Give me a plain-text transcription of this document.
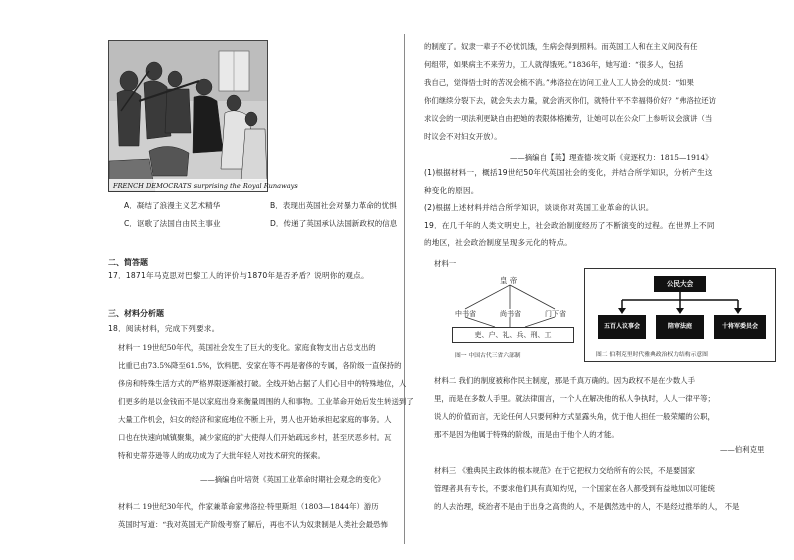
FRENCH DEMOCRATS surprising the Royal Runaways
A．凝结了浪漫主义艺术精华	B．表现出英国社会对暴力革命的忧惧
C．讴歌了法国自由民主事业	D．传递了英国承认法国新政权的信息
二、简答题
17．1871年马克思对巴黎工人的评价与1870年是否矛盾？说明你的观点。
三、材料分析题
18．阅读材料，完成下列要求。
材料一 19世纪50年代，英国社会发生了巨大的变化。家庭食物支出占总支出的
比重已由73.5%降至61.5%，饮料肥、安家在等不再是奢侈的专属，各阶级一直保持的
侈房和特殊生活方式的严格界限逐渐被打破。全线开始占据了人们心目中的特殊地位，人
们更多的是以金钱而不是以家庭出身来衡量周围的人和事物。工业革命开始后发生转送到了
大量工作机会，妇女的经济和家庭地位不断上升，男人也开始承担起家庭的事务。人
口也在快速向城镇聚集，减少家庭的扩大使得人们开始疏远乡村，甚至厌恶乡村。瓦
特和史蒂芬逊等人的成功成为了大批年轻人对技术研究的探索。
——摘编自叶培贤《英国工业革命时期社会观念的变化》
材料二 19世纪30年代，作家兼革命家弗洛拉·特里斯坦（1803—1844年）游历
英国时写道：“我对英国无产阶级考察了解后，再也不认为奴隶制是人类社会最恐怖
的制度了。奴隶一辈子不必忧饥饿，生病会得到照料。而英国工人和在主义间没有任
何组带，如果病主不来劳力，工人就得饿死。”1836年，她写道：“很多人，包括
我自己，觉得悟士时的苦况会梳不消。”弗洛拉在访问工业人工人协会的成员：“如果
你们继续分裂下去，就会失去力量，就会消灭你们，就特什平不幸福得价好？”弗洛拉还访
求议会的一项法利更缺自由把她的表限体格摊劳，让她可以在公众厂上参听议会演讲（当
时议会不对妇女开放）。
——摘编自【英】理查德·埃文斯《竞逐权力：1815—1914》
(1)根据材料一，概括19世纪50年代英国社会的变化，并结合所学知识，分析产生这
种变化的原因。
(2)根据上述材料并结合所学知识，谈谈你对英国工业革命的认识。
19．在几千年的人类文明史上，社会政治制度经历了不断演变的过程。在世界上不同
的地区，社会政治制度呈现多元化的特点。
材料一
皇 帝
中书省	尚书省	门下省
吏、户、礼、兵、刑、工
图一 中国古代三省六部制
公民大会
五百人议事会	陪审法庭	十将军委员会
图二 伯利克里时代雅典政治权力结构示意图
材料二 我们的制度被称作民主制度，那是千真万确的。因为政权不是在少数人手
里，而是在多数人手里。就法律面言，一个人在解决他的私人争执时，人人一律平等；
说人的价值而言，无论任何人只要何种方式显露头角，优于他人担任一般荣耀的公职，
那不是因为他属于特殊的阶级，而是由于他个人的才能。
——伯利克里
材料三 《雅典民主政体的根本规范》在于它把权力交给所有的公民，不是要国家
管理者具有专长，不要求他们具有真知灼见，一个国家在各人都受到有益地加以可能统
的人去治理，统治者不是由于出身之高贵的人，不是偶然选中的人，不是经过推举的人， 不是
